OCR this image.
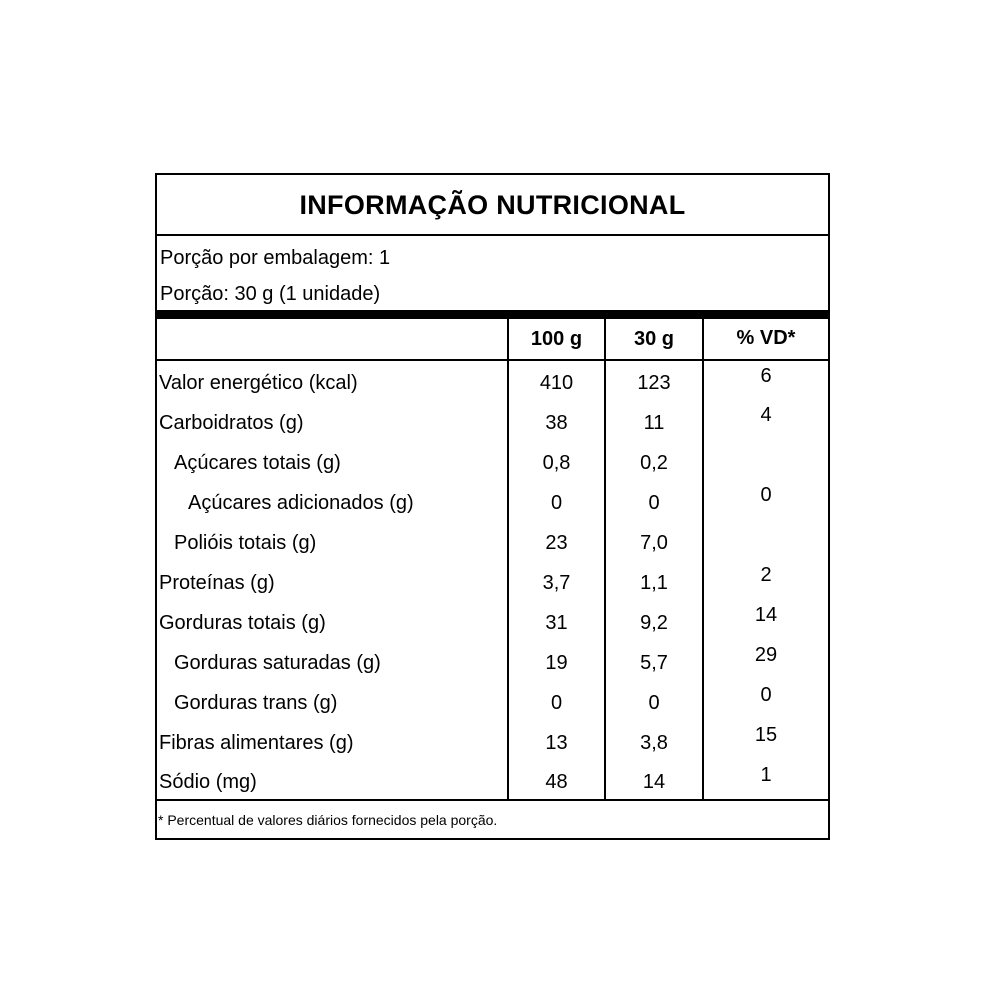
INFORMAÇÃO NUTRICIONAL
Porção por embalagem: 1
Porção: 30 g (1 unidade)
	100 g	30 g	% VD*
Valor energético (kcal)	410	123	6
Carboidratos (g)	38	11	4
Açúcares totais (g)	0,8	0,2	
Açúcares adicionados (g)	0	0	0
Polióis totais (g)	23	7,0	
Proteínas (g)	3,7	1,1	2
Gorduras totais (g)	31	9,2	14
Gorduras saturadas (g)	19	5,7	29
Gorduras trans (g)	0	0	0
Fibras alimentares (g)	13	3,8	15
Sódio (mg)	48	14	1
* Percentual de valores diários fornecidos pela porção.
